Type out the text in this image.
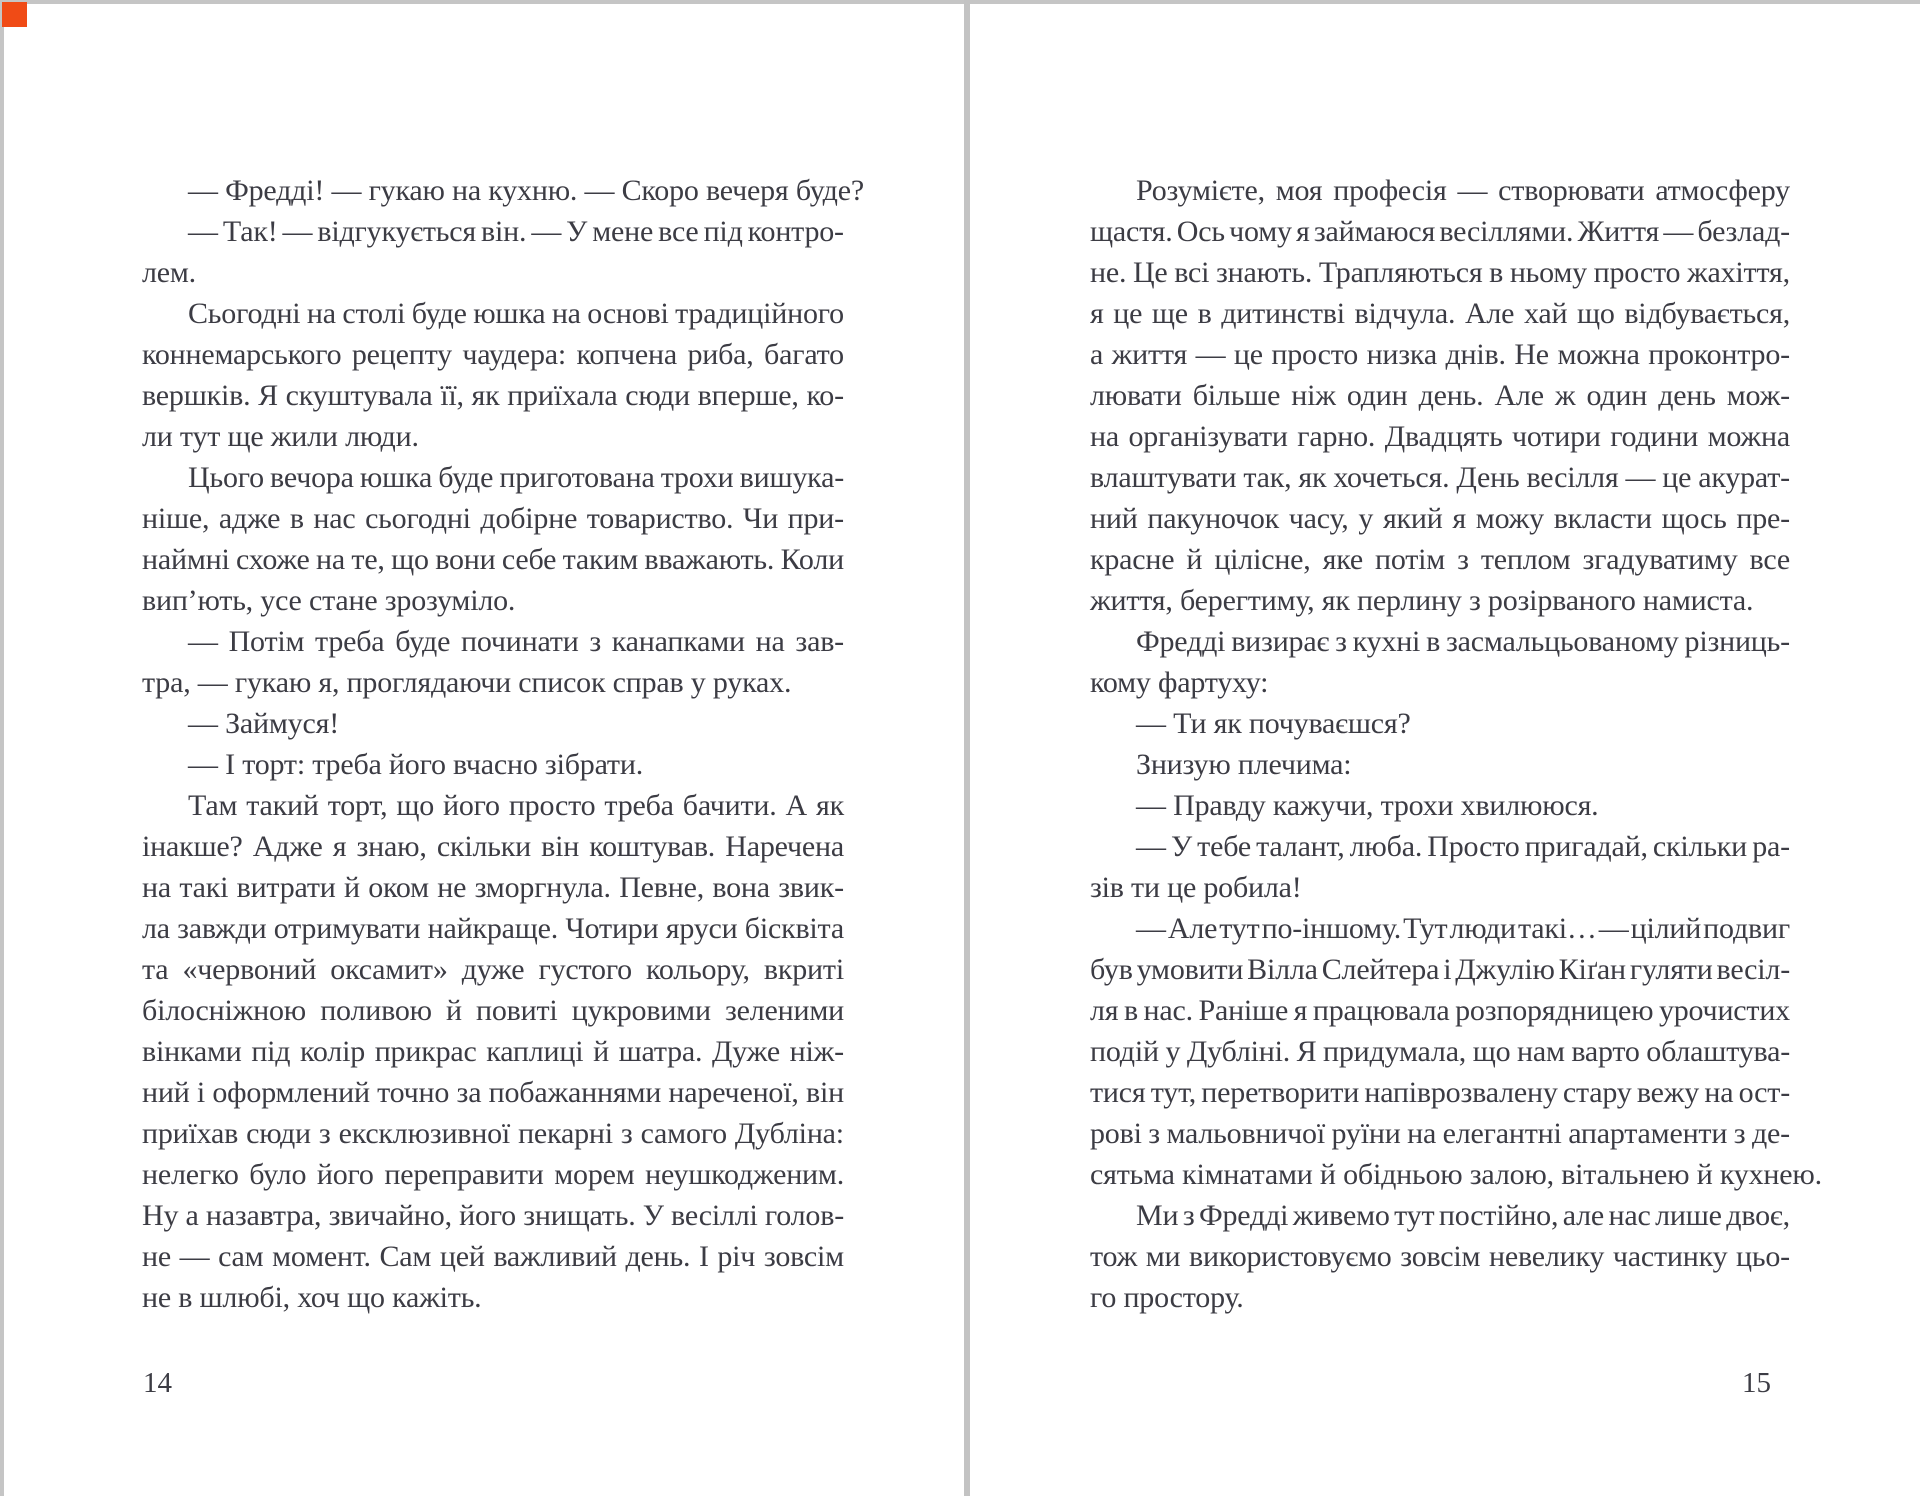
— Фредді! — гукаю на кухню. — Скоро вечеря буде?
— Так! — відгукується він. — У мене все під контро-
лем.
Сьогодні на столі буде юшка на основі традиційного
коннемарського рецепту чаудера: копчена риба, багато
вершків. Я скуштувала її, як приїхала сюди вперше, ко-
ли тут ще жили люди.
Цього вечора юшка буде приготована трохи вишука-
ніше, адже в нас сьогодні добірне товариство. Чи при-
наймні схоже на те, що вони себе таким вважають. Коли
вип’ють, усе стане зрозуміло.
— Потім треба буде починати з канапками на зав-
тра, — гукаю я, проглядаючи список справ у руках.
— Займуся!
— І торт: треба його вчасно зібрати.
Там такий торт, що його просто треба бачити. А як
інакше? Адже я знаю, скільки він коштував. Наречена
на такі витрати й оком не зморгнула. Певне, вона звик-
ла завжди отримувати найкраще. Чотири яруси бісквіта
та «червоний оксамит» дуже густого кольору, вкриті
білосніжною поливою й повиті цукровими зеленими
вінками під колір прикрас каплиці й шатра. Дуже ніж-
ний і оформлений точно за побажаннями нареченої, він
приїхав сюди з ексклюзивної пекарні з самого Дубліна:
нелегко було його переправити морем неушкодженим.
Ну а назавтра, звичайно, його знищать. У весіллі голов-
не — сам момент. Сам цей важливий день. І річ зовсім
не в шлюбі, хоч що кажіть.
Розумієте, моя професія — створювати атмосферу
щастя. Ось чому я займаюся весіллями. Життя — безлад-
не. Це всі знають. Трапляються в ньому просто жахіття,
я це ще в дитинстві відчула. Але хай що відбувається,
а життя — це просто низка днів. Не можна проконтро-
лювати більше ніж один день. Але ж один день мож-
на організувати гарно. Двадцять чотири години можна
влаштувати так, як хочеться. День весілля — це акурат-
ний пакуночок часу, у який я можу вкласти щось пре-
красне й цілісне, яке потім з теплом згадуватиму все
життя, берегтиму, як перлину з розірваного намиста.
Фредді визирає з кухні в засмальцьованому різниць-
кому фартуху:
— Ти як почуваєшся?
Знизую плечима:
— Правду кажучи, трохи хвилююся.
— У тебе талант, люба. Просто пригадай, скільки ра-
зів ти це робила!
— Але тут по-іншому. Тут люди такі… — цілий подвиг
був умовити Вілла Слейтера і Джулію Кіґан гуляти весіл-
ля в нас. Раніше я працювала розпорядницею урочистих
подій у Дубліні. Я придумала, що нам варто облаштува-
тися тут, перетворити напіврозвалену стару вежу на ост-
рові з мальовничої руїни на елегантні апартаменти з де-
сятьма кімнатами й обідньою залою, вітальнею й кухнею.
Ми з Фредді живемо тут постійно, але нас лише двоє,
тож ми використовуємо зовсім невелику частинку цьо-
го простору.
14	15
